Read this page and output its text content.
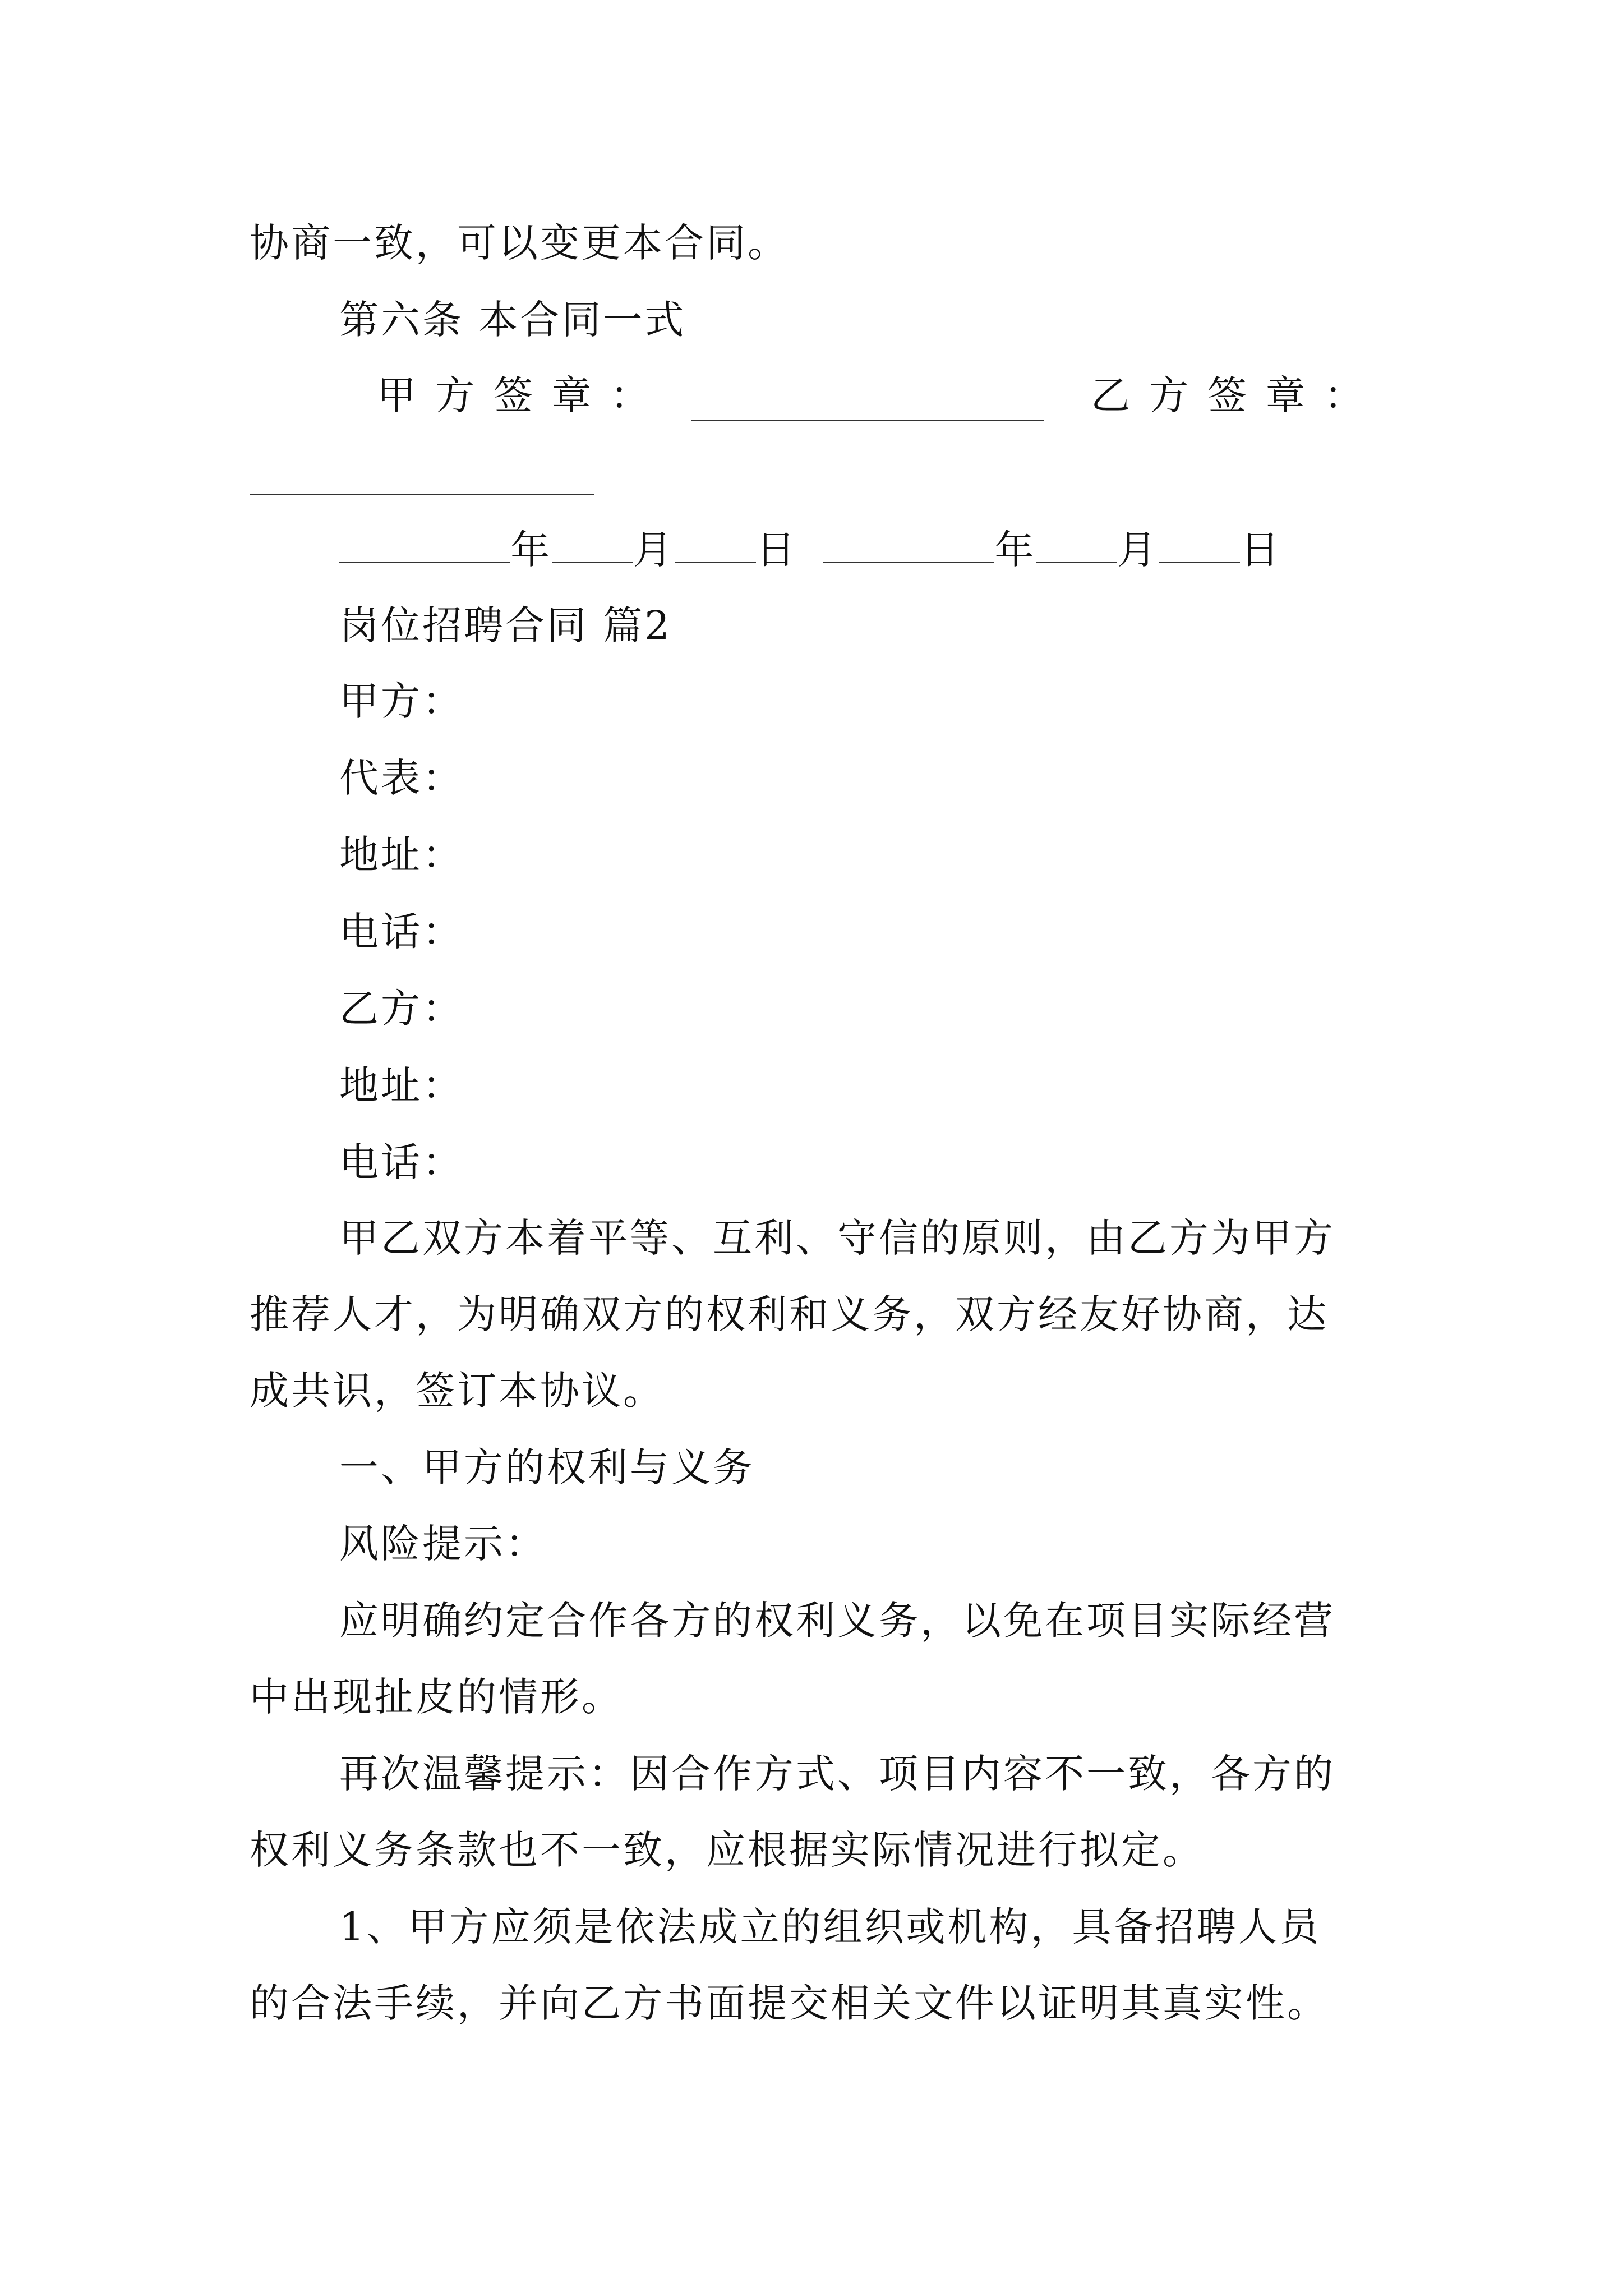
协商一致，可以变更本合同。
第六条 本合同一式
甲方签章：	乙方签章：
年 月 日	年 月 日
岗位招聘合同 篇2
甲方：
代表：
地址：
电话：
乙方：
地址：
电话：
甲乙双方本着平等、互利、守信的原则，由乙方为甲方
推荐人才，为明确双方的权利和义务，双方经友好协商，达
成共识，签订本协议。
一、甲方的权利与义务
风险提示：
应明确约定合作各方的权利义务，以免在项目实际经营
中出现扯皮的情形。
再次温馨提示：因合作方式、项目内容不一致，各方的
权利义务条款也不一致，应根据实际情况进行拟定。
1、甲方应须是依法成立的组织或机构，具备招聘人员
的合法手续，并向乙方书面提交相关文件以证明其真实性。
